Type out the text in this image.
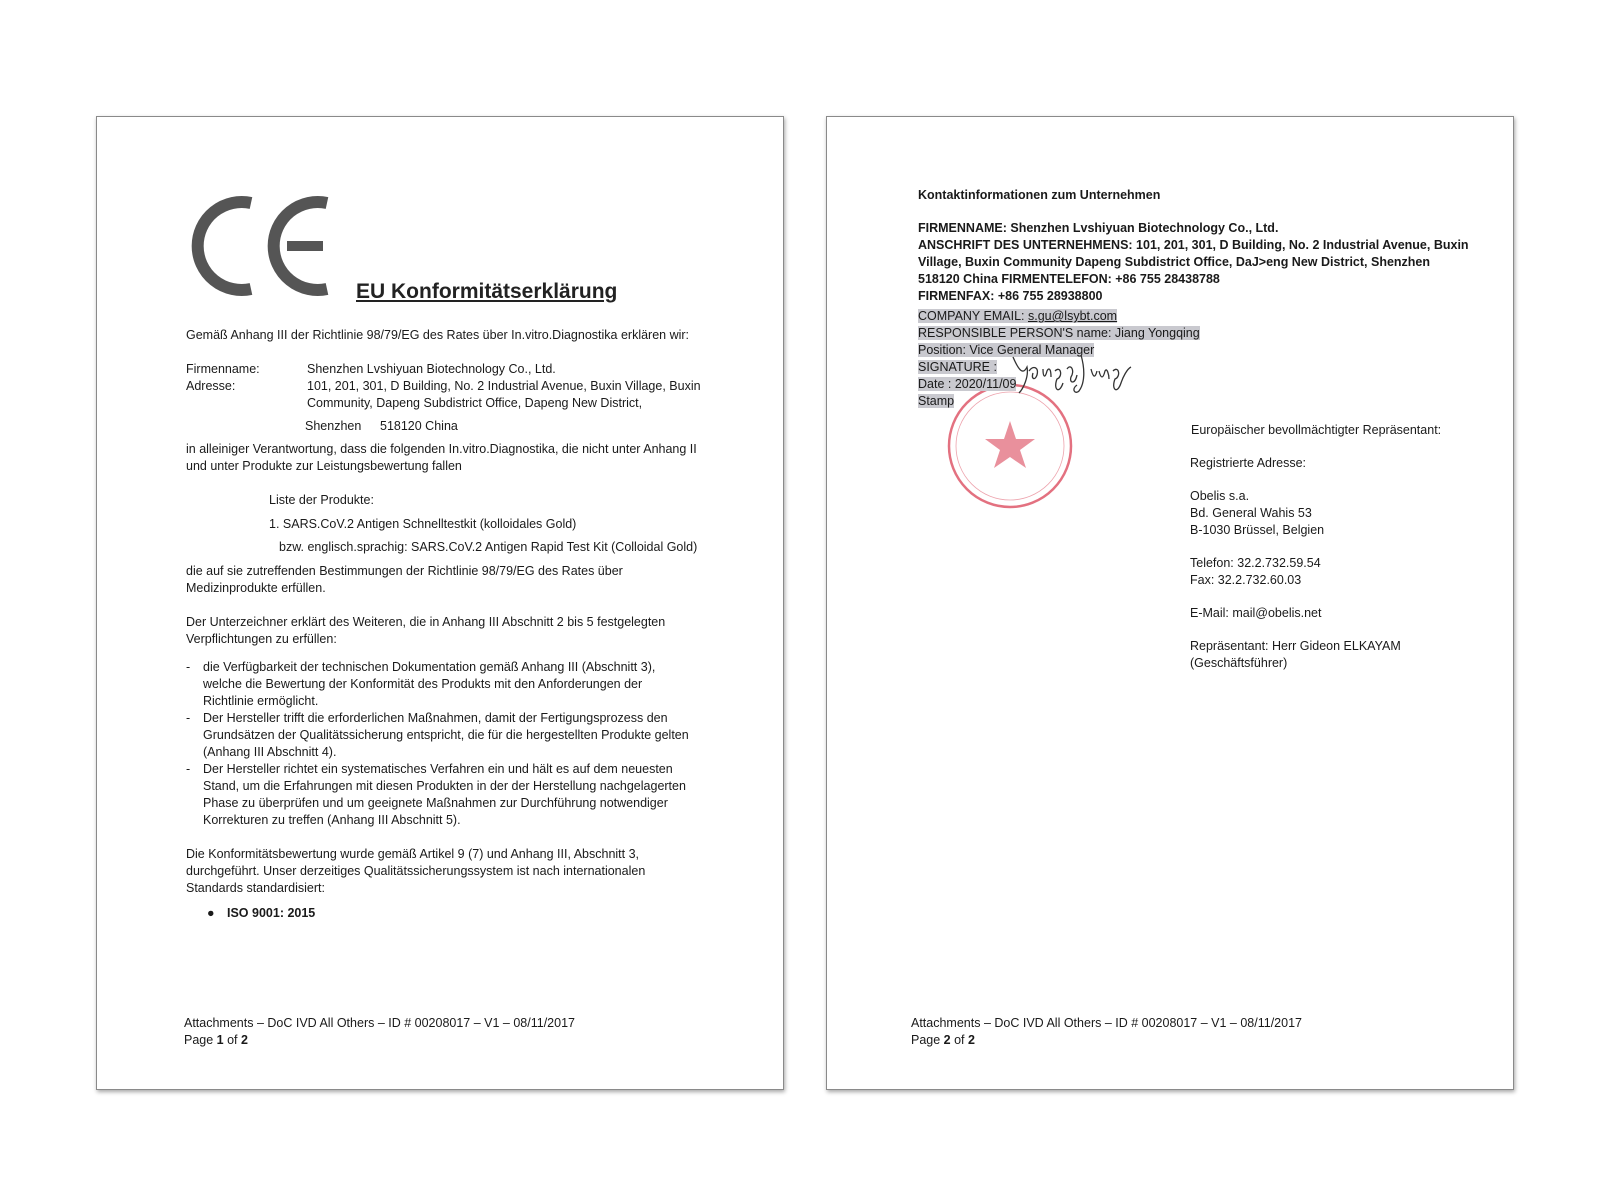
EU Konformitätserklärung
Gemäß Anhang III der Richtlinie 98/79/EG des Rates über In.vitro.Diagnostika erklären wir:
Firmenname:	Shenzhen Lvshiyuan Biotechnology Co., Ltd.
Adresse:	101, 201, 301, D Building, No. 2 Industrial Avenue, Buxin Village, Buxin
Community, Dapeng Subdistrict Office, Dapeng New District,
Shenzhen 518120 China
in alleiniger Verantwortung, dass die folgenden In.vitro.Diagnostika, die nicht unter Anhang II
und unter Produkte zur Leistungsbewertung fallen
Liste der Produkte:
1. SARS.CoV.2 Antigen Schnelltestkit (kolloidales Gold)
bzw. englisch.sprachig: SARS.CoV.2 Antigen Rapid Test Kit (Colloidal Gold)
die auf sie zutreffenden Bestimmungen der Richtlinie 98/79/EG des Rates über
Medizinprodukte erfüllen.
Der Unterzeichner erklärt des Weiteren, die in Anhang III Abschnitt 2 bis 5 festgelegten
Verpflichtungen zu erfüllen:
- die Verfügbarkeit der technischen Dokumentation gemäß Anhang III (Abschnitt 3),
welche die Bewertung der Konformität des Produkts mit den Anforderungen der
Richtlinie ermöglicht.
- Der Hersteller trifft die erforderlichen Maßnahmen, damit der Fertigungsprozess den
Grundsätzen der Qualitätssicherung entspricht, die für die hergestellten Produkte gelten
(Anhang III Abschnitt 4).
- Der Hersteller richtet ein systematisches Verfahren ein und hält es auf dem neuesten
Stand, um die Erfahrungen mit diesen Produkten in der der Herstellung nachgelagerten
Phase zu überprüfen und um geeignete Maßnahmen zur Durchführung notwendiger
Korrekturen zu treffen (Anhang III Abschnitt 5).
Die Konformitätsbewertung wurde gemäß Artikel 9 (7) und Anhang III, Abschnitt 3,
durchgeführt. Unser derzeitiges Qualitätssicherungssystem ist nach internationalen
Standards standardisiert:
● ISO 9001: 2015
Attachments – DoC IVD All Others – ID # 00208017 – V1 – 08/11/2017
Page 1 of 2
Kontaktinformationen zum Unternehmen
FIRMENNAME: Shenzhen Lvshiyuan Biotechnology Co., Ltd.
ANSCHRIFT DES UNTERNEHMENS: 101, 201, 301, D Building, No. 2 Industrial Avenue, Buxin
Village, Buxin Community Dapeng Subdistrict Office, DaJ>eng New District, Shenzhen
518120 China FIRMENTELEFON: +86 755 28438788
FIRMENFAX: +86 755 28938800
COMPANY EMAIL: s.gu@lsybt.com
RESPONSIBLE PERSON'S name: Jiang Yongqing
Position: Vice General Manager
SIGNATURE :
Date : 2020/11/09
Stamp
Europäischer bevollmächtigter Repräsentant:
Registrierte Adresse:
Obelis s.a.
Bd. General Wahis 53
B-1030 Brüssel, Belgien
Telefon: 32.2.732.59.54
Fax: 32.2.732.60.03
E-Mail: mail@obelis.net
Repräsentant: Herr Gideon ELKAYAM
(Geschäftsführer)
Attachments – DoC IVD All Others – ID # 00208017 – V1 – 08/11/2017
Page 2 of 2
